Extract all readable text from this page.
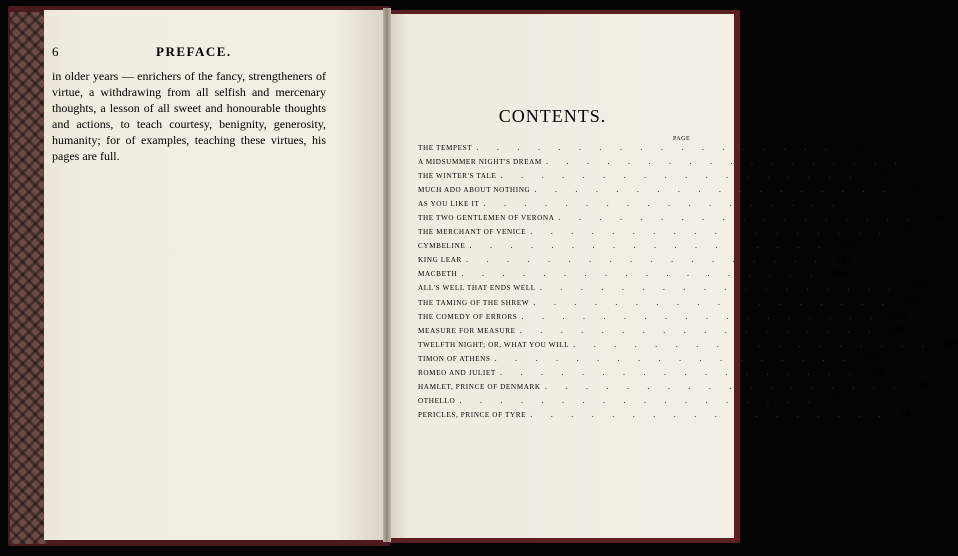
6	PREFACE.
in older years — enrichers of the fancy, strengtheners of virtue, a withdrawing from all selfish and mercenary thoughts, a lesson of all sweet and honourable thoughts and actions, to teach courtesy, benignity, generosity, humanity; for of examples, teaching these virtues, his pages are full.
CONTENTS.
PAGE
THE TEMPEST . . . . . . . . . . . . . . . . . .	9
A MIDSUMMER NIGHT'S DREAM . . . . . . . . . . . . . . . . . .	24
THE WINTER'S TALE . . . . . . . . . . . . . . . . . .	40
MUCH ADO ABOUT NOTHING . . . . . . . . . . . . . . . . . .	55
AS YOU LIKE IT . . . . . . . . . . . . . . . . . .	72
THE TWO GENTLEMEN OF VERONA . . . . . . . . . . . . . . . . . .	93
THE MERCHANT OF VENICE . . . . . . . . . . . . . . . . . .	110
CYMBELINE . . . . . . . . . . . . . . . . . .	127
KING LEAR . . . . . . . . . . . . . . . . . .	144
MACBETH . . . . . . . . . . . . . . . . . .	164
ALL'S WELL THAT ENDS WELL . . . . . . . . . . . . . . . . . .	179
THE TAMING OF THE SHREW . . . . . . . . . . . . . . . . . .	196
THE COMEDY OF ERRORS . . . . . . . . . . . . . . . . . .	210
MEASURE FOR MEASURE . . . . . . . . . . . . . . . . . .	229
TWELFTH NIGHT; OR, WHAT YOU WILL . . . . . . . . . . . . . . . . . .	249
TIMON OF ATHENS . . . . . . . . . . . . . . . . . .	267
ROMEO AND JULIET . . . . . . . . . . . . . . . . . .	284
HAMLET, PRINCE OF DENMARK . . . . . . . . . . . . . . . . . .	308
OTHELLO . . . . . . . . . . . . . . . . . .	329
PERICLES, PRINCE OF TYRE . . . . . . . . . . . . . . . . . .	347
